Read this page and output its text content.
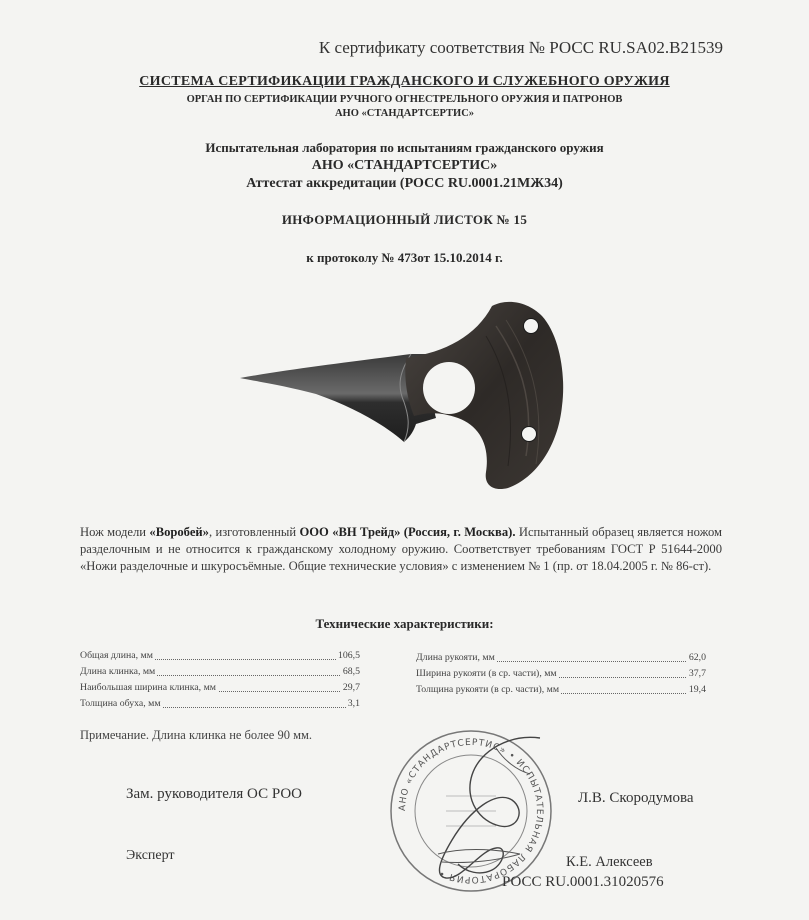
К сертификату соответствия № РОСС RU.SA02.B21539
СИСТЕМА СЕРТИФИКАЦИИ ГРАЖДАНСКОГО И СЛУЖЕБНОГО ОРУЖИЯ
ОРГАН ПО СЕРТИФИКАЦИИ РУЧНОГО ОГНЕСТРЕЛЬНОГО ОРУЖИЯ И ПАТРОНОВ
АНО «СТАНДАРТСЕРТИС»
Испытательная лаборатория по испытаниям гражданского оружия
АНО «СТАНДАРТСЕРТИС»
Аттестат аккредитации (РОСС RU.0001.21МЖ34)
ИНФОРМАЦИОННЫЙ ЛИСТОК № 15
к протоколу № 473от 15.10.2014 г.
Нож модели «Воробей», изготовленный ООО «ВН Трейд» (Россия, г. Москва). Испытанный образец является ножом разделочным и не относится к гражданскому холодному оружию. Соответствует требованиям ГОСТ Р 51644-2000 «Ножи разделочные и шкуросъёмные. Общие технические условия» с изменением № 1 (пр. от 18.04.2005 г. № 86-ст).
Технические характеристики:
Общая длина, мм	106,5
Длина клинка, мм	68,5
Наибольшая ширина клинка, мм	29,7
Толщина обуха, мм	3,1
Длина рукояти, мм	62,0
Ширина рукояти (в ср. части), мм	37,7
Толщина рукояти (в ср. части), мм	19,4
Примечание. Длина клинка не более 90 мм.
АНО «СТАНДАРТСЕРТИС» • ИСПЫТАТЕЛЬНАЯ ЛАБОРАТОРИЯ •
Зам. руководителя ОС РОО	Л.В. Скородумова
Эксперт	К.Е. Алексеев
РОСС RU.0001.31020576
